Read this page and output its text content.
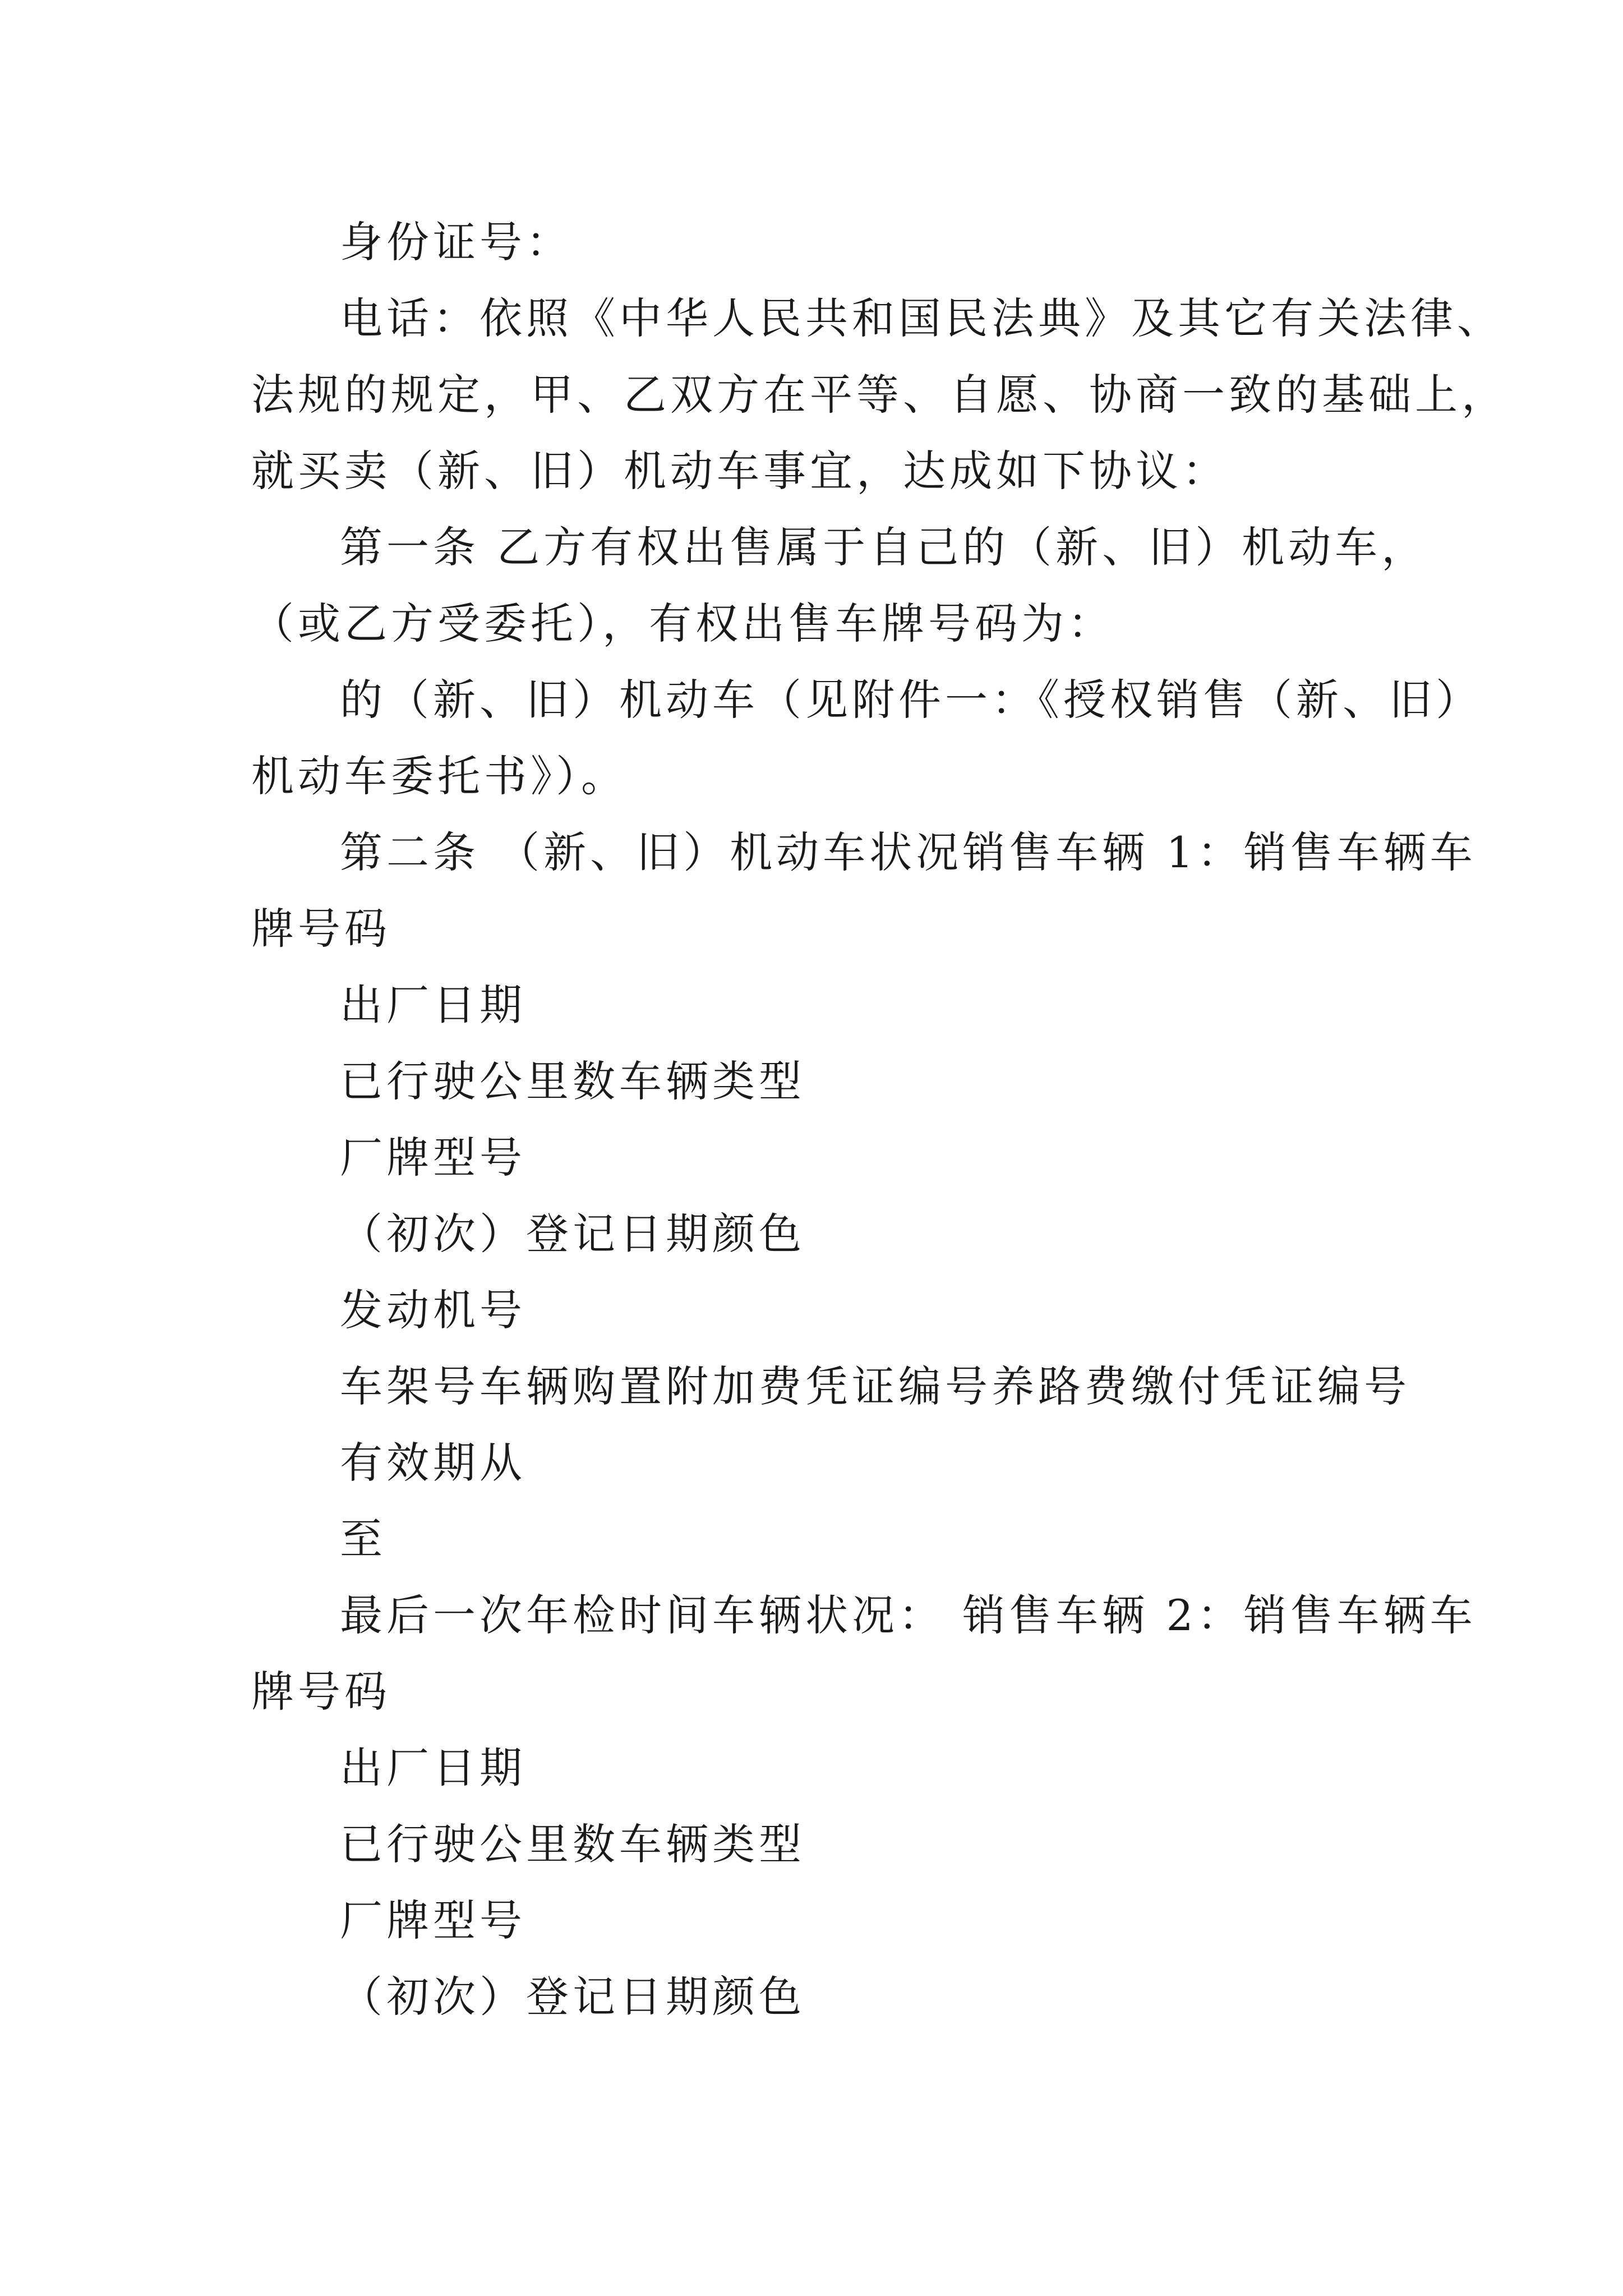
身份证号：
电话：依照《中华人民共和国民法典》及其它有关法律、
法规的规定，甲、乙双方在平等、自愿、协商一致的基础上，
就买卖（新、旧）机动车事宜，达成如下协议：
第一条 乙方有权出售属于自己的（新、旧）机动车，
（或乙方受委托），有权出售车牌号码为：
的（新、旧）机动车（见附件一：《授权销售（新、旧）
机动车委托书》）。
第二条 （新、旧）机动车状况销售车辆 1：销售车辆车
牌号码
出厂日期
已行驶公里数车辆类型
厂牌型号
（初次）登记日期颜色
发动机号
车架号车辆购置附加费凭证编号养路费缴付凭证编号
有效期从
至
最后一次年检时间车辆状况： 销售车辆 2：销售车辆车
牌号码
出厂日期
已行驶公里数车辆类型
厂牌型号
（初次）登记日期颜色
